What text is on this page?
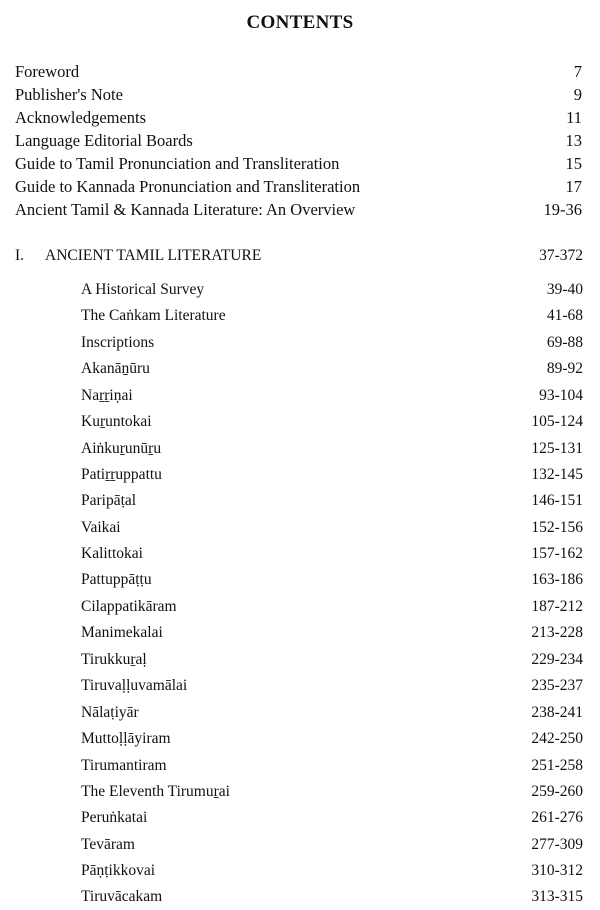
CONTENTS
Foreword	7
Publisher's Note	9
Acknowledgements	11
Language Editorial Boards	13
Guide to Tamil Pronunciation and Transliteration	15
Guide to Kannada Pronunciation and Transliteration	17
Ancient Tamil & Kannada Literature: An Overview	19-36
I. ANCIENT TAMIL LITERATURE	37-372
A Historical Survey	39-40
The Caṅkam Literature	41-68
Inscriptions	69-88
Akanāṉūru	89-92
Naṟṟiṇai	93-104
Kuṟuntokai	105-124
Aiṅkuṟunūṟu	125-131
Patiṟṟuppattu	132-145
Paripāṭal	146-151
Vaikai	152-156
Kalittokai	157-162
Pattuppāṭṭu	163-186
Cilappatikāram	187-212
Manimekalai	213-228
Tirukkuṟaḷ	229-234
Tiruvaḷḷuvamālai	235-237
Nālaṭiyār	238-241
Muttoḷḷāyiram	242-250
Tirumantiram	251-258
The Eleventh Tirumuṟai	259-260
Peruṅkatai	261-276
Tevāram	277-309
Pāṇṭikkovai	310-312
Tiruvācakam	313-315
